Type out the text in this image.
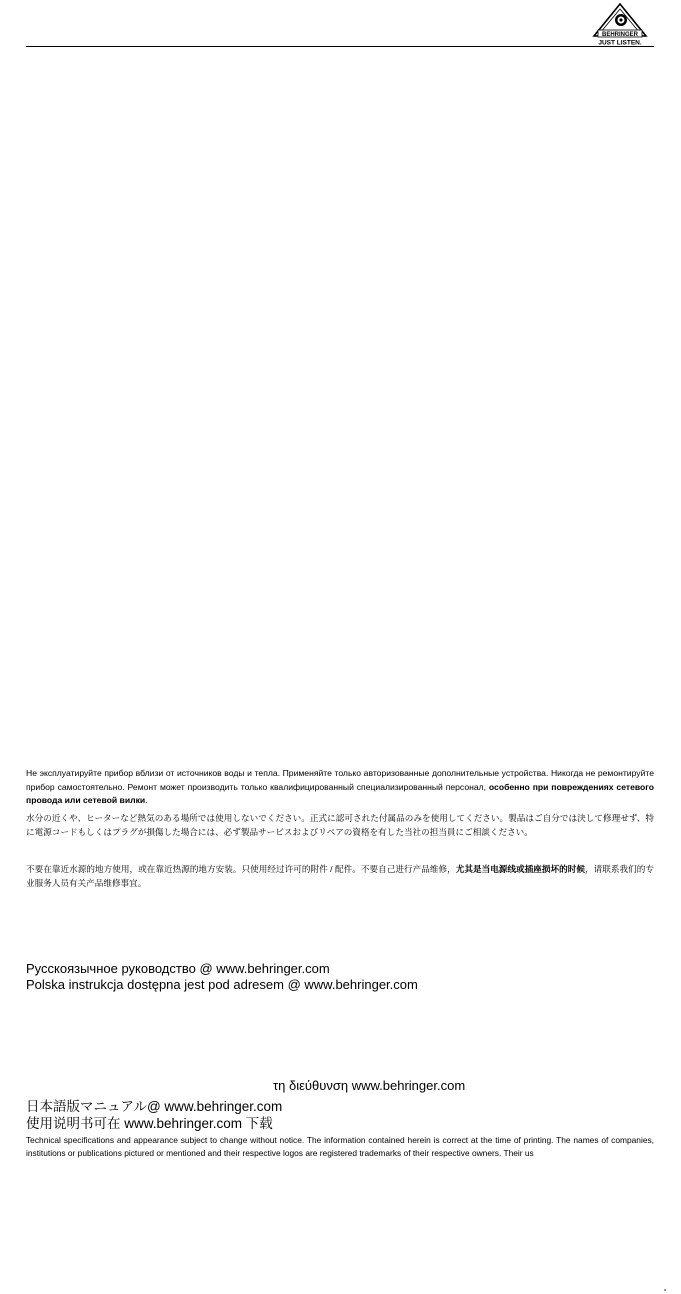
BEHRINGER
JUST LISTEN.

Не эксплуатируйте прибор вблизи от источников воды и тепла. Применяйте только авторизованные дополнительные устройства. Никогда не ремонтируйте прибор самостоятельно. Ремонт может производить только квалифицированный специализированный персонал, особенно при повреждениях сетевого провода или сетевой вилки.

水分の近くや、ヒーターなど熱気のある場所では使用しないでください。正式に認可された付属品のみを使用してください。製品はご自分では決して修理せず、特に電源コードもしくはプラグが損傷した場合には、必ず製品サービスおよびリペアの資格を有した当社の担当員にご相談ください。

不要在靠近水源的地方使用，或在靠近热源的地方安装。只使用经过许可的附件 / 配件。不要自己进行产品维修，尤其是当电源线或插座损坏的时候，请联系我们的专业服务人员有关产品维修事宜。

Русскоязычное руководство @ www.behringer.com

Polska instrukcja dostępna jest pod adresem @ www.behringer.com

τη διεύθυνση www.behringer.com

日本語版マニュアル@ www.behringer.com

使用说明书可在 www.behringer.com 下载

Technical specifications and appearance subject to change without notice. The information contained herein is correct at the time of printing. The names of companies, institutions or publications pictured or mentioned and their respective logos are registered trademarks of their respective owners. Their us
